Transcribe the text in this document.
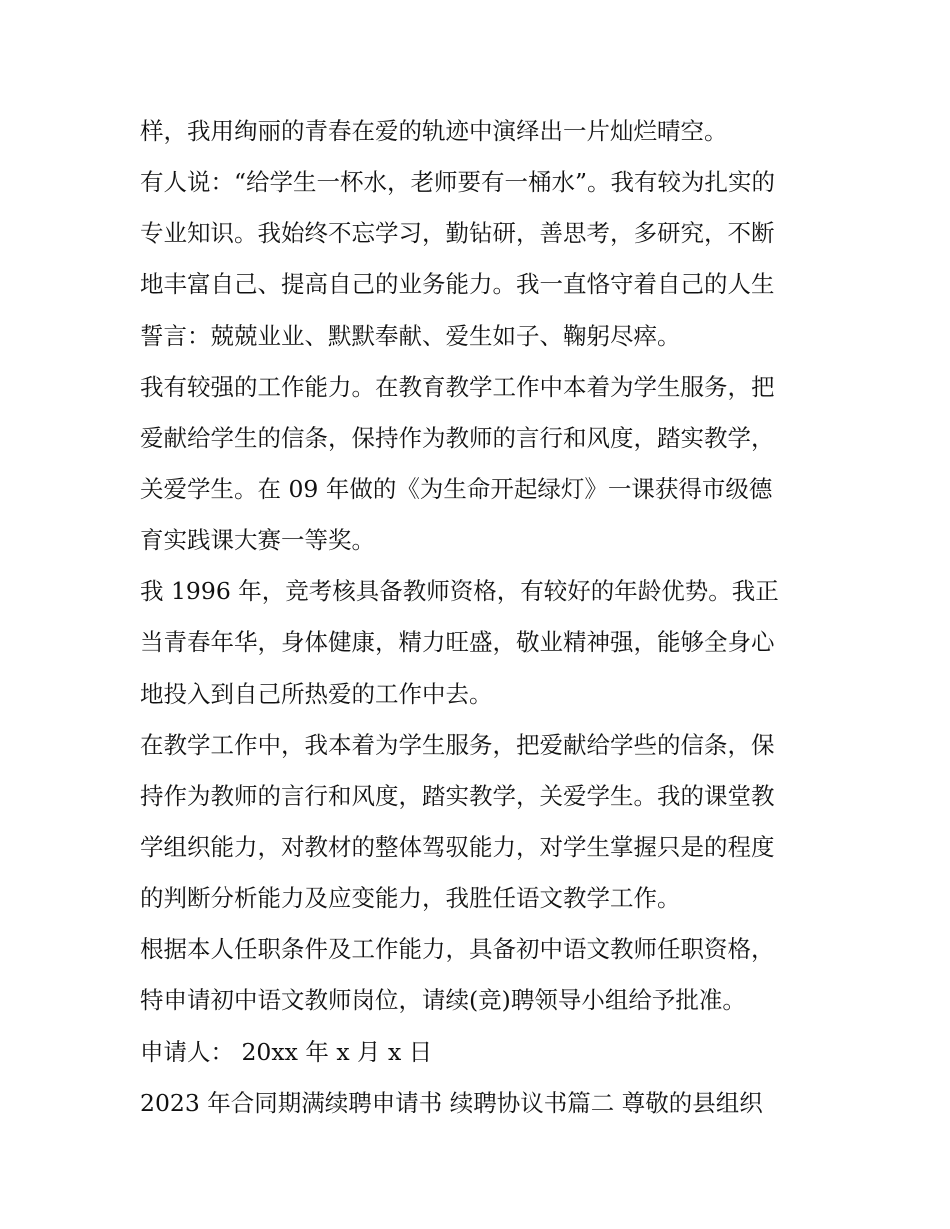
样，我用绚丽的青春在爱的轨迹中演绎出一片灿烂晴空。
有人说：“给学生一杯水，老师要有一桶水”。我有较为扎实的
专业知识。我始终不忘学习，勤钻研，善思考，多研究，不断
地丰富自己、提高自己的业务能力。我一直恪守着自己的人生
誓言：兢兢业业、默默奉献、爱生如子、鞠躬尽瘁。
我有较强的工作能力。在教育教学工作中本着为学生服务，把
爱献给学生的信条，保持作为教师的言行和风度，踏实教学，
关爱学生。在 09 年做的《为生命开起绿灯》一课获得市级德
育实践课大赛一等奖。
我 1996 年，竞考核具备教师资格，有较好的年龄优势。我正
当青春年华，身体健康，精力旺盛，敬业精神强，能够全身心
地投入到自己所热爱的工作中去。
在教学工作中，我本着为学生服务，把爱献给学些的信条，保
持作为教师的言行和风度，踏实教学，关爱学生。我的课堂教
学组织能力，对教材的整体驾驭能力，对学生掌握只是的程度
的判断分析能力及应变能力，我胜任语文教学工作。
根据本人任职条件及工作能力，具备初中语文教师任职资格，
特申请初中语文教师岗位，请续(竞)聘领导小组给予批准。
申请人： 20xx 年 x 月 x 日
2023 年合同期满续聘申请书 续聘协议书篇二 尊敬的县组织
